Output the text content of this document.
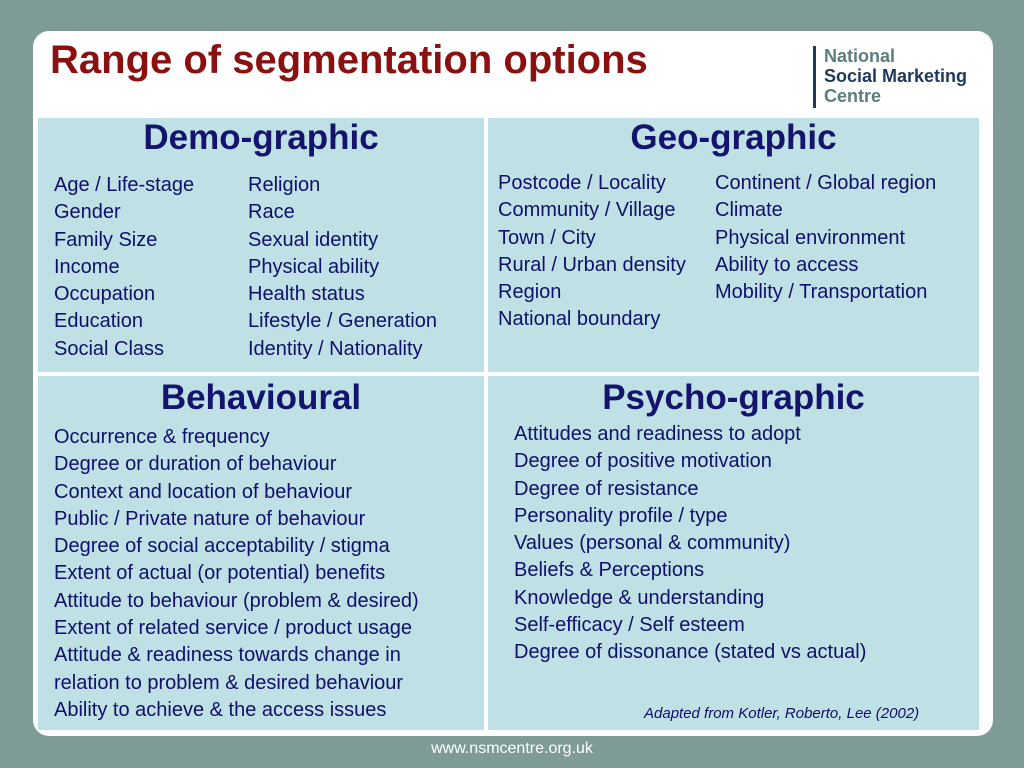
Range of segmentation options	National
Social Marketing
Centre
Demo-graphic
Age / Life-stage
Gender
Family Size
Income
Occupation
Education
Social Class
Religion
Race
Sexual identity
Physical ability
Health status
Lifestyle / Generation
Identity / Nationality
Geo-graphic
Postcode / Locality
Community / Village
Town / City
Rural / Urban density
Region
National boundary
Continent / Global region
Climate
Physical environment
Ability to access
Mobility / Transportation
Behavioural
Occurrence & frequency
Degree or duration of behaviour
Context and location of behaviour
Public / Private nature of behaviour
Degree of social acceptability / stigma
Extent of actual (or potential) benefits
Attitude to behaviour (problem & desired)
Extent of related service / product usage
Attitude & readiness towards change in
relation to problem & desired behaviour
Ability to achieve & the access issues
Psycho-graphic
Attitudes and readiness to adopt
Degree of positive motivation
Degree of resistance
Personality profile / type
Values (personal & community)
Beliefs & Perceptions
Knowledge & understanding
Self-efficacy / Self esteem
Degree of dissonance (stated vs actual)
Adapted from Kotler, Roberto, Lee (2002)
www.nsmcentre.org.uk
